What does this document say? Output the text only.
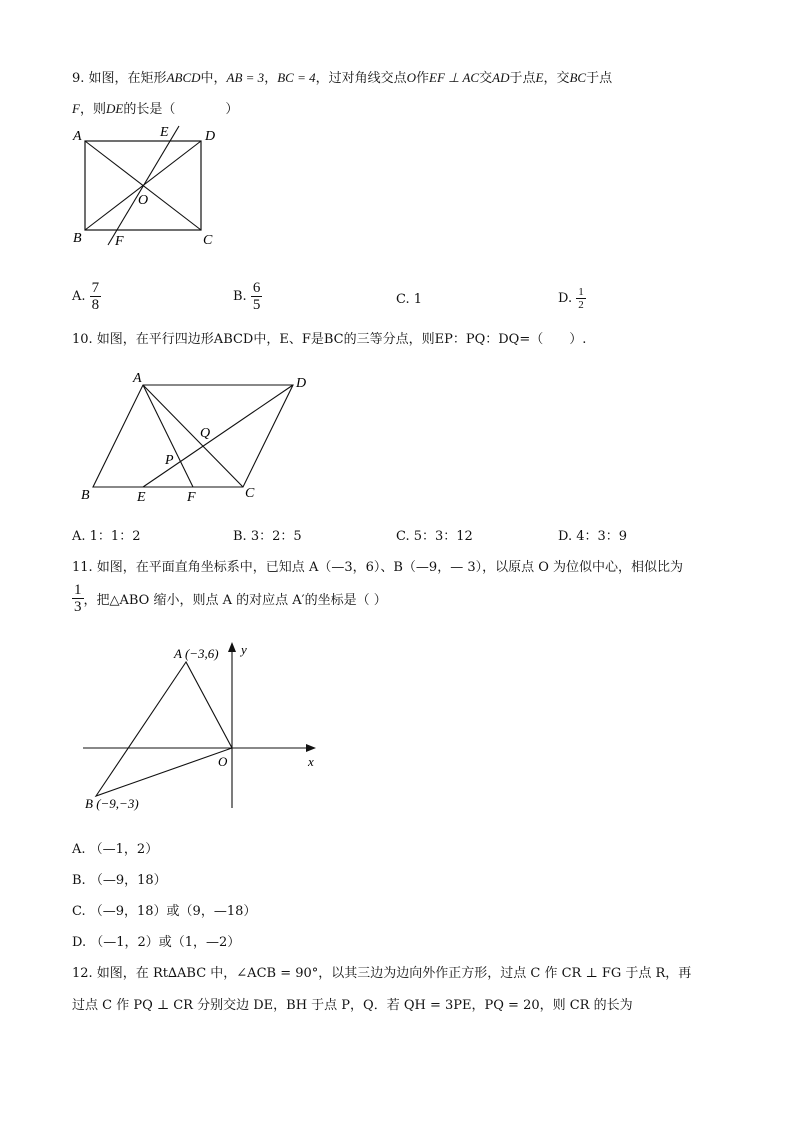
9. 如图，在矩形ABCD中，AB = 3，BC = 4，过对角线交点O作EF ⊥ AC交AD于点E，交BC于点
F，则DE的长是（	）
A	D
E
O
B F	C
A. $\frac{7}{8}$	B. $\frac{6}{5}$	C. 1	D. $\frac{1}{2}$
10. 如图，在平行四边形ABCD中，E、F是BC的三等分点，则EP：PQ：DQ=（　　）.
A	D
Q
P
B	E	F	C
A. 1：1：2	B. 3：2：5	C. 5：3：12	D. 4：3：9
11. 如图，在平面直角坐标系中，已知点 A（—3，6）、B（—9，— 3），以原点 O 为位似中心，相似比为
$\frac{1}{3}$ ，把△ABO 缩小，则点 A 的对应点 A′的坐标是（ ）
A (−3,6) y
O	x
B (−9,−3)
A. （—1，2）
B. （—9，18）
C. （—9，18）或（9，—18）
D. （—1，2）或（1，—2）
12. 如图，在 Rt∆ABC 中，∠ACB = 90°，以其三边为边向外作正方形，过点 C 作 CR ⊥ FG 于点 R，再
过点 C 作 PQ ⊥ CR 分别交边 DE，BH 于点 P，Q．若 QH = 3PE，PQ = 20，则 CR 的长为
